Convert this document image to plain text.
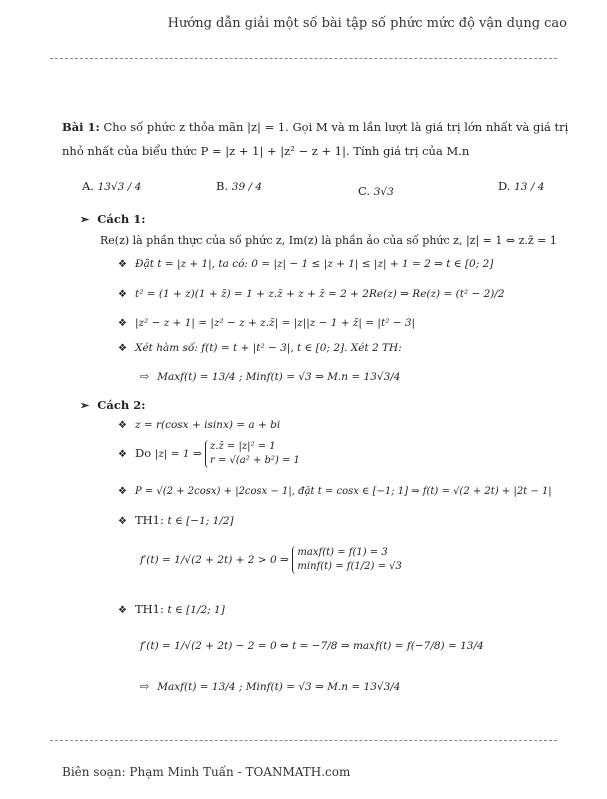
Hướng dẫn giải một số bài tập số phức mức độ vận dụng cao
Bài 1: Cho số phức z thỏa mãn |z| = 1. Gọi M và m lần lượt là giá trị lớn nhất và giá trị
nhỏ nhất của biểu thức P = |z + 1| + |z² − z + 1|. Tính giá trị của M.n
A. 13√3 / 4	B. 39 / 4	C. 3√3	D. 13 / 4
➢ Cách 1:
Re(z) là phần thực của số phức z, Im(z) là phần ảo của số phức z, |z| = 1 ⇔ z.z̄ = 1
❖ Đặt t = |z + 1|, ta có: 0 = |z| − 1 ≤ |z + 1| ≤ |z| + 1 = 2 ⇒ t ∈ [0; 2]
❖ t² = (1 + z)(1 + z̄) = 1 + z.z̄ + z + z̄ = 2 + 2Re(z) ⇒ Re(z) = (t² − 2)/2
❖ |z² − z + 1| = |z² − z + z.z̄| = |z||z − 1 + z̄| = |t² − 3|
❖ Xét hàm số: f(t) = t + |t² − 3|, t ∈ [0; 2]. Xét 2 TH:
⇨ Maxf(t) = 13/4 ; Minf(t) = √3 ⇒ M.n = 13√3/4
➢ Cách 2:
❖ z = r(cosx + isinx) = a + bi
❖ Do |z| = 1 ⇒
z.z̄ = |z|² = 1
r = √(a² + b²) = 1
❖ P = √(2 + 2cosx) + |2cosx − 1|, đặt t = cosx ∈ [−1; 1] ⇒ f(t) = √(2 + 2t) + |2t − 1|
❖ TH1: t ∈ [−1; 1/2]
f′(t) = 1/√(2 + 2t) + 2 > 0 ⇒
maxf(t) = f(1) = 3
minf(t) = f(1/2) = √3
❖ TH1: t ∈ [1/2; 1]
f′(t) = 1/√(2 + 2t) − 2 = 0 ⇔ t = −7/8 ⇒ maxf(t) = f(−7/8) = 13/4
⇨ Maxf(t) = 13/4 ; Minf(t) = √3 ⇒ M.n = 13√3/4
Biên soạn: Phạm Minh Tuấn - TOANMATH.com
